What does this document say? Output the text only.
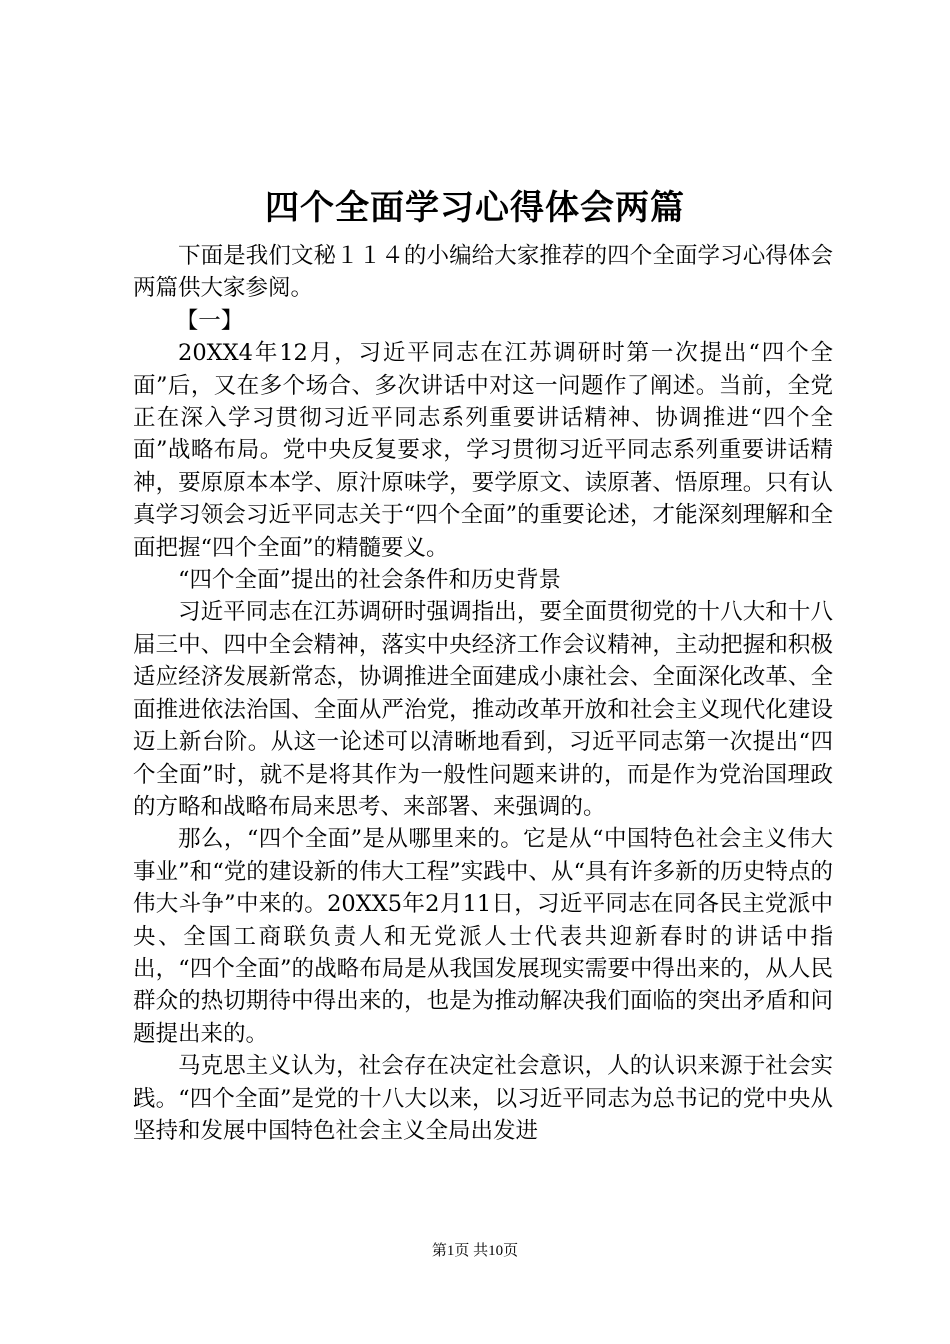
四个全面学习心得体会两篇

下面是我们文秘１１４的小编给大家推荐的四个全面学习心得体会两篇供大家参阅。

【一】

20XX4年12月，习近平同志在江苏调研时第一次提出“四个全面”后，又在多个场合、多次讲话中对这一问题作了阐述。当前，全党正在深入学习贯彻习近平同志系列重要讲话精神、协调推进“四个全面”战略布局。党中央反复要求，学习贯彻习近平同志系列重要讲话精神，要原原本本学、原汁原味学，要学原文、读原著、悟原理。只有认真学习领会习近平同志关于“四个全面”的重要论述，才能深刻理解和全面把握“四个全面”的精髓要义。

“四个全面”提出的社会条件和历史背景

习近平同志在江苏调研时强调指出，要全面贯彻党的十八大和十八届三中、四中全会精神，落实中央经济工作会议精神，主动把握和积极适应经济发展新常态，协调推进全面建成小康社会、全面深化改革、全面推进依法治国、全面从严治党，推动改革开放和社会主义现代化建设迈上新台阶。从这一论述可以清晰地看到，习近平同志第一次提出“四个全面”时，就不是将其作为一般性问题来讲的，而是作为党治国理政的方略和战略布局来思考、来部署、来强调的。

那么，“四个全面”是从哪里来的。它是从“中国特色社会主义伟大事业”和“党的建设新的伟大工程”实践中、从“具有许多新的历史特点的伟大斗争”中来的。20XX5年2月11日，习近平同志在同各民主党派中央、全国工商联负责人和无党派人士代表共迎新春时的讲话中指出，“四个全面”的战略布局是从我国发展现实需要中得出来的，从人民群众的热切期待中得出来的，也是为推动解决我们面临的突出矛盾和问题提出来的。

马克思主义认为，社会存在决定社会意识，人的认识来源于社会实践。“四个全面”是党的十八大以来，以习近平同志为总书记的党中央从坚持和发展中国特色社会主义全局出发进

第1页 共10页
